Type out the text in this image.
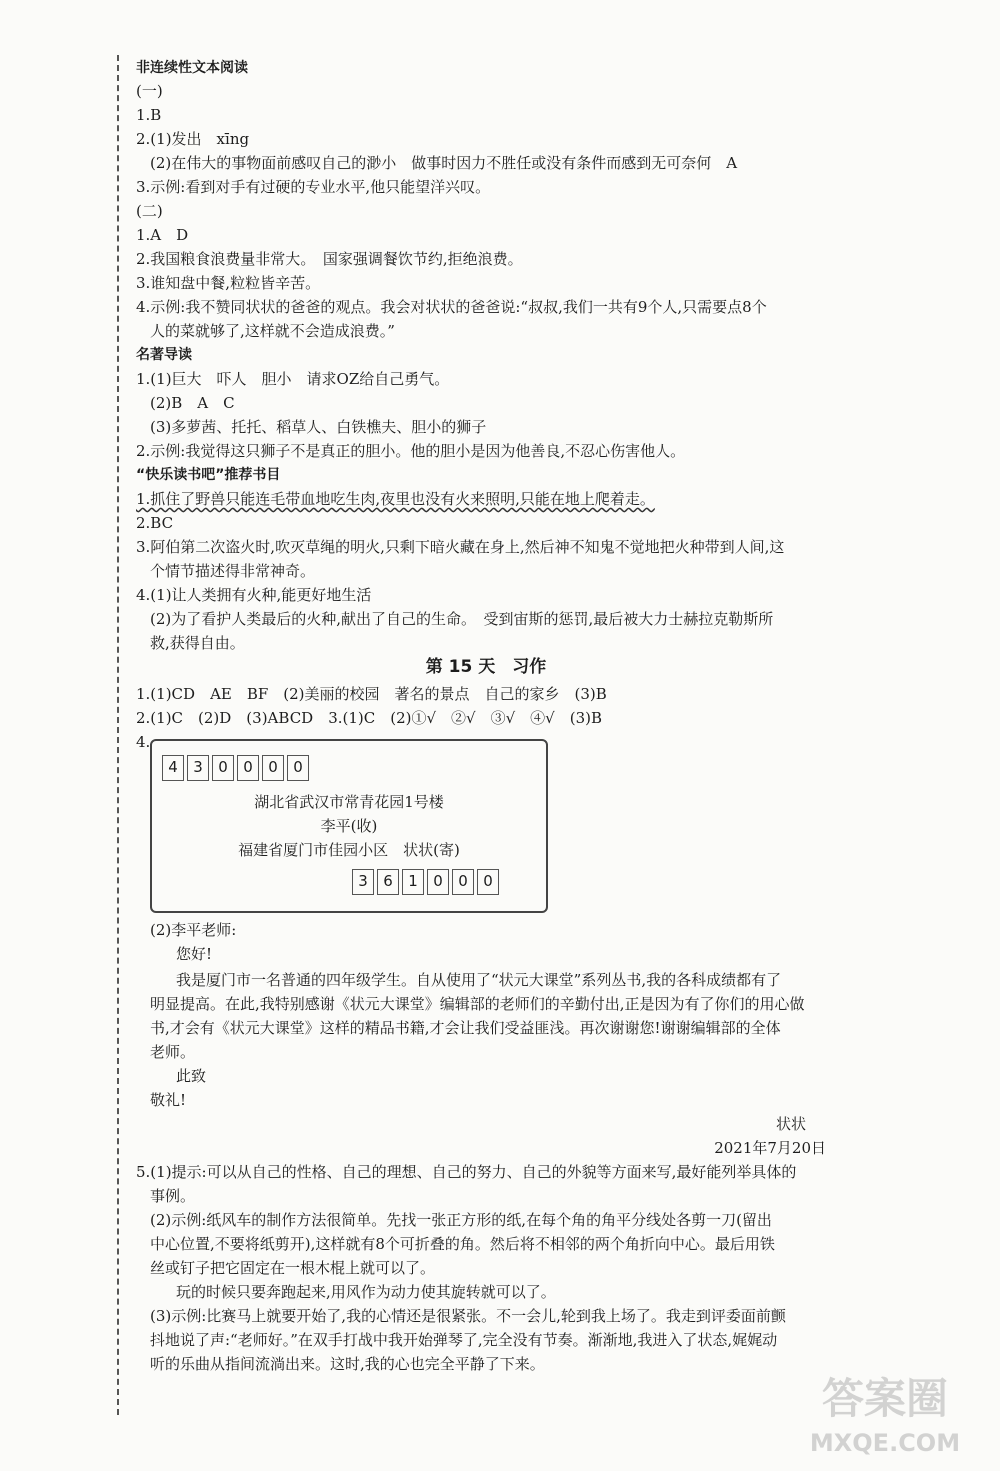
非连续性文本阅读
(一)
1.B
2.(1)发出　xīng
(2)在伟大的事物面前感叹自己的渺小　做事时因力不胜任或没有条件而感到无可奈何　A
3.示例:看到对手有过硬的专业水平,他只能望洋兴叹。
(二)
1.A　D
2.我国粮食浪费量非常大。　国家强调餐饮节约,拒绝浪费。
3.谁知盘中餐,粒粒皆辛苦。
4.示例:我不赞同状状的爸爸的观点。我会对状状的爸爸说:“叔叔,我们一共有9个人,只需要点8个
人的菜就够了,这样就不会造成浪费。”
名著导读
1.(1)巨大　吓人　胆小　请求OZ给自己勇气。
(2)B　A　C
(3)多萝茜、托托、稻草人、白铁樵夫、胆小的狮子
2.示例:我觉得这只狮子不是真正的胆小。他的胆小是因为他善良,不忍心伤害他人。
“快乐读书吧”推荐书目
1.抓住了野兽只能连毛带血地吃生肉,夜里也没有火来照明,只能在地上爬着走。
2.BC
3.阿伯第二次盗火时,吹灭草绳的明火,只剩下暗火藏在身上,然后神不知鬼不觉地把火种带到人间,这
个情节描述得非常神奇。
4.(1)让人类拥有火种,能更好地生活
(2)为了看护人类最后的火种,献出了自己的生命。　受到宙斯的惩罚,最后被大力士赫拉克勒斯所
救,获得自由。
第 15 天　习作
1.(1)CD　AE　BF　(2)美丽的校园　著名的景点　自己的家乡　(3)B
2.(1)C　(2)D　(3)ABCD　3.(1)C　(2)①√　②√　③√　④√　(3)B
4.
4	3	0	0	0	0
湖北省武汉市常青花园1号楼
李平(收)
福建省厦门市佳园小区　状状(寄)
3	6	1	0	0	0
(2)李平老师:
您好!
我是厦门市一名普通的四年级学生。自从使用了“状元大课堂”系列丛书,我的各科成绩都有了
明显提高。在此,我特别感谢《状元大课堂》编辑部的老师们的辛勤付出,正是因为有了你们的用心做
书,才会有《状元大课堂》这样的精品书籍,才会让我们受益匪浅。再次谢谢您!谢谢编辑部的全体
老师。
此致
敬礼!
状状
2021年7月20日
5.(1)提示:可以从自己的性格、自己的理想、自己的努力、自己的外貌等方面来写,最好能列举具体的
事例。
(2)示例:纸风车的制作方法很简单。先找一张正方形的纸,在每个角的角平分线处各剪一刀(留出
中心位置,不要将纸剪开),这样就有8个可折叠的角。然后将不相邻的两个角折向中心。最后用铁
丝或钉子把它固定在一根木棍上就可以了。
玩的时候只要奔跑起来,用风作为动力使其旋转就可以了。
(3)示例:比赛马上就要开始了,我的心情还是很紧张。不一会儿,轮到我上场了。我走到评委面前颤
抖地说了声:“老师好。”在双手打战中我开始弹琴了,完全没有节奏。渐渐地,我进入了状态,娓娓动
听的乐曲从指间流淌出来。这时,我的心也完全平静了下来。
答案圈
MXQE.COM
